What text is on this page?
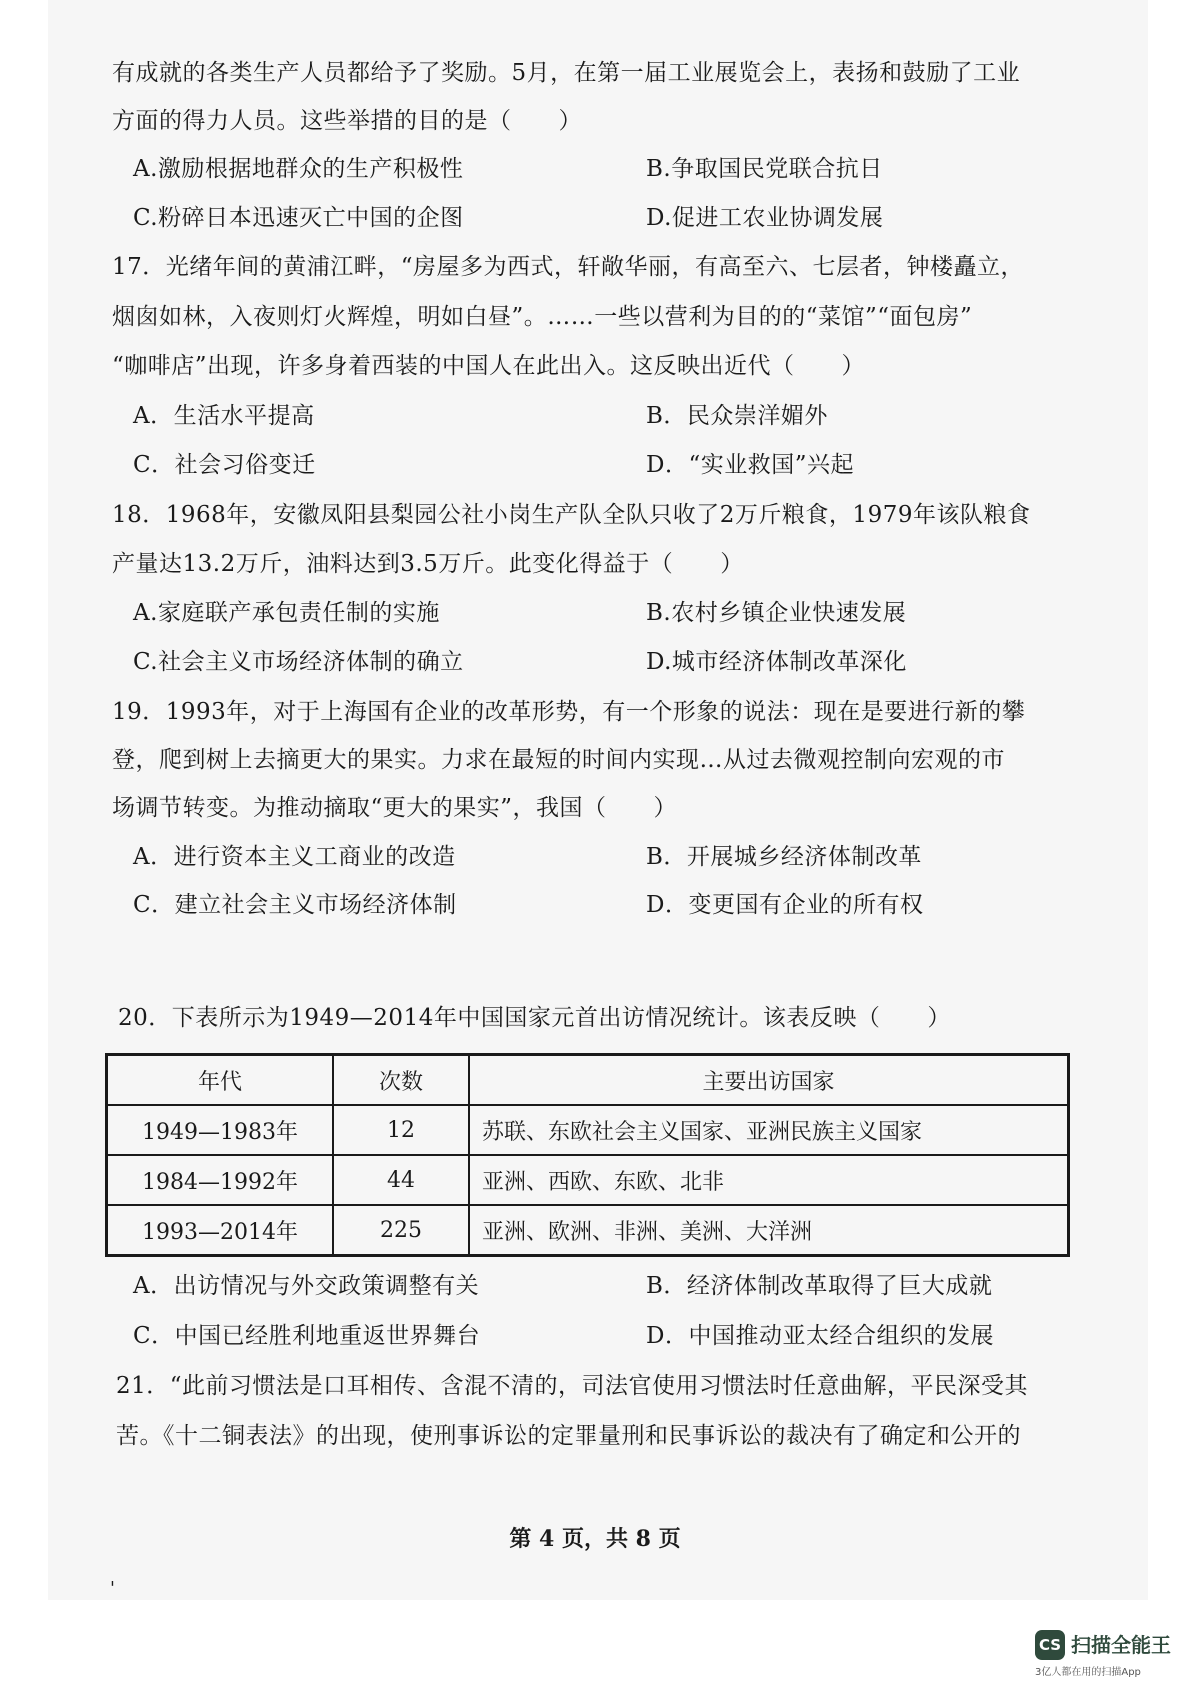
有成就的各类生产人员都给予了奖励。5月，在第一届工业展览会上，表扬和鼓励了工业
方面的得力人员。这些举措的目的是（　　）
A.激励根据地群众的生产积极性	B.争取国民党联合抗日
C.粉碎日本迅速灭亡中国的企图	D.促进工农业协调发展
17．光绪年间的黄浦江畔，“房屋多为西式，轩敞华丽，有高至六、七层者，钟楼矗立，
烟囱如林，入夜则灯火辉煌，明如白昼”。……一些以营利为目的的“菜馆”“面包房”
“咖啡店”出现，许多身着西装的中国人在此出入。这反映出近代（　　）
A．生活水平提高	B．民众崇洋媚外
C．社会习俗变迁	D．“实业救国”兴起
18．1968年，安徽凤阳县梨园公社小岗生产队全队只收了2万斤粮食，1979年该队粮食
产量达13.2万斤，油料达到3.5万斤。此变化得益于（　　）
A.家庭联产承包责任制的实施	B.农村乡镇企业快速发展
C.社会主义市场经济体制的确立	D.城市经济体制改革深化
19．1993年，对于上海国有企业的改革形势，有一个形象的说法：现在是要进行新的攀
登，爬到树上去摘更大的果实。力求在最短的时间内实现…从过去微观控制向宏观的市
场调节转变。为推动摘取“更大的果实”，我国（　　）
A．进行资本主义工商业的改造	B．开展城乡经济体制改革
C．建立社会主义市场经济体制	D．变更国有企业的所有权
20．下表所示为1949—2014年中国国家元首出访情况统计。该表反映（　　）
年代	次数	主要出访国家
1949—1983年	12	苏联、东欧社会主义国家、亚洲民族主义国家
1984—1992年	44	亚洲、西欧、东欧、北非
1993—2014年	225	亚洲、欧洲、非洲、美洲、大洋洲
A．出访情况与外交政策调整有关	B．经济体制改革取得了巨大成就
C．中国已经胜利地重返世界舞台	D．中国推动亚太经合组织的发展
21．“此前习惯法是口耳相传、含混不清的，司法官使用习惯法时任意曲解，平民深受其
苦。《十二铜表法》的出现，使刑事诉讼的定罪量刑和民事诉讼的裁决有了确定和公开的
第 4 页，共 8 页
'
CS 扫描全能王
3亿人都在用的扫描App
